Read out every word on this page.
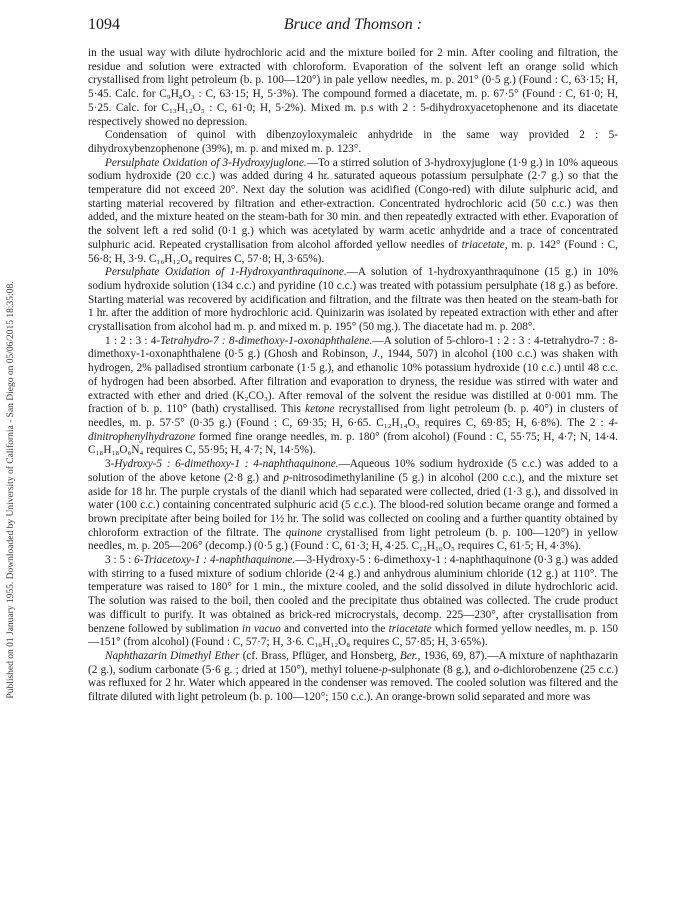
Published on 01 January 1955. Downloaded by University of California - San Diego on 05/06/2015 18:35:08.
1094	Bruce and Thomson :

in the usual way with dilute hydrochloric acid and the mixture boiled for 2 min. After cooling and filtration, the residue and solution were extracted with chloroform. Evaporation of the solvent left an orange solid which crystallised from light petroleum (b. p. 100—120°) in pale yellow needles, m. p. 201° (0·5 g.) (Found : C, 63·15; H, 5·45. Calc. for C₉H₈O₃ : C, 63·15; H, 5·3%). The compound formed a diacetate, m. p. 67·5° (Found : C, 61·0; H, 5·25. Calc. for C₁₃H₁₂O₅ : C, 61·0; H, 5·2%). Mixed m. p.s with 2 : 5-dihydroxyacetophenone and its diacetate respectively showed no depression.

Condensation of quinol with dibenzoyloxymaleic anhydride in the same way provided 2 : 5-dihydroxybenzophenone (39%), m. p. and mixed m. p. 123°.

Persulphate Oxidation of 3-Hydroxyjuglone.—To a stirred solution of 3-hydroxyjuglone (1·9 g.) in 10% aqueous sodium hydroxide (20 c.c.) was added during 4 hr. saturated aqueous potassium persulphate (2·7 g.) so that the temperature did not exceed 20°. Next day the solution was acidified (Congo-red) with dilute sulphuric acid, and starting material recovered by filtration and ether-extraction. Concentrated hydrochloric acid (50 c.c.) was then added, and the mixture heated on the steam-bath for 30 min. and then repeatedly extracted with ether. Evaporation of the solvent left a red solid (0·1 g.) which was acetylated by warm acetic anhydride and a trace of concentrated sulphuric acid. Repeated crystallisation from alcohol afforded yellow needles of triacetate, m. p. 142° (Found : C, 56·8; H, 3·9. C₁₆H₁₂O₈ requires C, 57·8; H, 3·65%).

Persulphate Oxidation of 1-Hydroxyanthraquinone.—A solution of 1-hydroxyanthraquinone (15 g.) in 10% sodium hydroxide solution (134 c.c.) and pyridine (10 c.c.) was treated with potassium persulphate (18 g.) as before. Starting material was recovered by acidification and filtration, and the filtrate was then heated on the steam-bath for 1 hr. after the addition of more hydrochloric acid. Quinizarin was isolated by repeated extraction with ether and after crystallisation from alcohol had m. p. and mixed m. p. 195° (50 mg.). The diacetate had m. p. 208°.

1 : 2 : 3 : 4-Tetrahydro-7 : 8-dimethoxy-1-oxonaphthalene.—A solution of 5-chloro-1 : 2 : 3 : 4-tetrahydro-7 : 8-dimethoxy-1-oxonaphthalene (0·5 g.) (Ghosh and Robinson, J., 1944, 507) in alcohol (100 c.c.) was shaken with hydrogen, 2% palladised strontium carbonate (1·5 g.), and ethanolic 10% potassium hydroxide (10 c.c.) until 48 c.c. of hydrogen had been absorbed. After filtration and evaporation to dryness, the residue was stirred with water and extracted with ether and dried (K₂CO₃). After removal of the solvent the residue was distilled at 0·001 mm. The fraction of b. p. 110° (bath) crystallised. This ketone recrystallised from light petroleum (b. p. 40°) in clusters of needles, m. p. 57·5° (0·35 g.) (Found : C, 69·35; H, 6·65. C₁₂H₁₄O₃ requires C, 69·85; H, 6·8%). The 2 : 4-dinitrophenylhydrazone formed fine orange needles, m. p. 180° (from alcohol) (Found : C, 55·75; H, 4·7; N, 14·4. C₁₈H₁₈O₆N₄ requires C, 55·95; H, 4·7; N, 14·5%).

3-Hydroxy-5 : 6-dimethoxy-1 : 4-naphthaquinone.—Aqueous 10% sodium hydroxide (5 c.c.) was added to a solution of the above ketone (2·8 g.) and p-nitrosodimethylaniline (5 g.) in alcohol (200 c.c.), and the mixture set aside for 18 hr. The purple crystals of the dianil which had separated were collected, dried (1·3 g.), and dissolved in water (100 c.c.) containing concentrated sulphuric acid (5 c.c.). The blood-red solution became orange and formed a brown precipitate after being boiled for 1½ hr. The solid was collected on cooling and a further quantity obtained by chloroform extraction of the filtrate. The quinone crystallised from light petroleum (b. p. 100—120°) in yellow needles, m. p. 205—206° (decomp.) (0·5 g.) (Found : C, 61·3; H, 4·25. C₁₂H₁₀O₅ requires C, 61·5; H, 4·3%).

3 : 5 : 6-Triacetoxy-1 : 4-naphthaquinone.—3-Hydroxy-5 : 6-dimethoxy-1 : 4-naphthaquinone (0·3 g.) was added with stirring to a fused mixture of sodium chloride (2·4 g.) and anhydrous aluminium chloride (12 g.) at 110°. The temperature was raised to 180° for 1 min., the mixture cooled, and the solid dissolved in dilute hydrochloric acid. The solution was raised to the boil, then cooled and the precipitate thus obtained was collected. The crude product was difficult to purify. It was obtained as brick-red microcrystals, decomp. 225—230°, after crystallisation from benzene followed by sublimation in vacuo and converted into the triacetate which formed yellow needles, m. p. 150—151° (from alcohol) (Found : C, 57·7; H, 3·6. C₁₆H₁₂O₈ requires C, 57·85; H, 3·65%).

Naphthazarin Dimethyl Ether (cf. Brass, Pflüger, and Honsberg, Ber., 1936, 69, 87).—A mixture of naphthazarin (2 g.), sodium carbonate (5·6 g. ; dried at 150°), methyl toluene-p-sulphonate (8 g.), and o-dichlorobenzene (25 c.c.) was refluxed for 2 hr. Water which appeared in the condenser was removed. The cooled solution was filtered and the filtrate diluted with light petroleum (b. p. 100—120°; 150 c.c.). An orange-brown solid separated and more was
